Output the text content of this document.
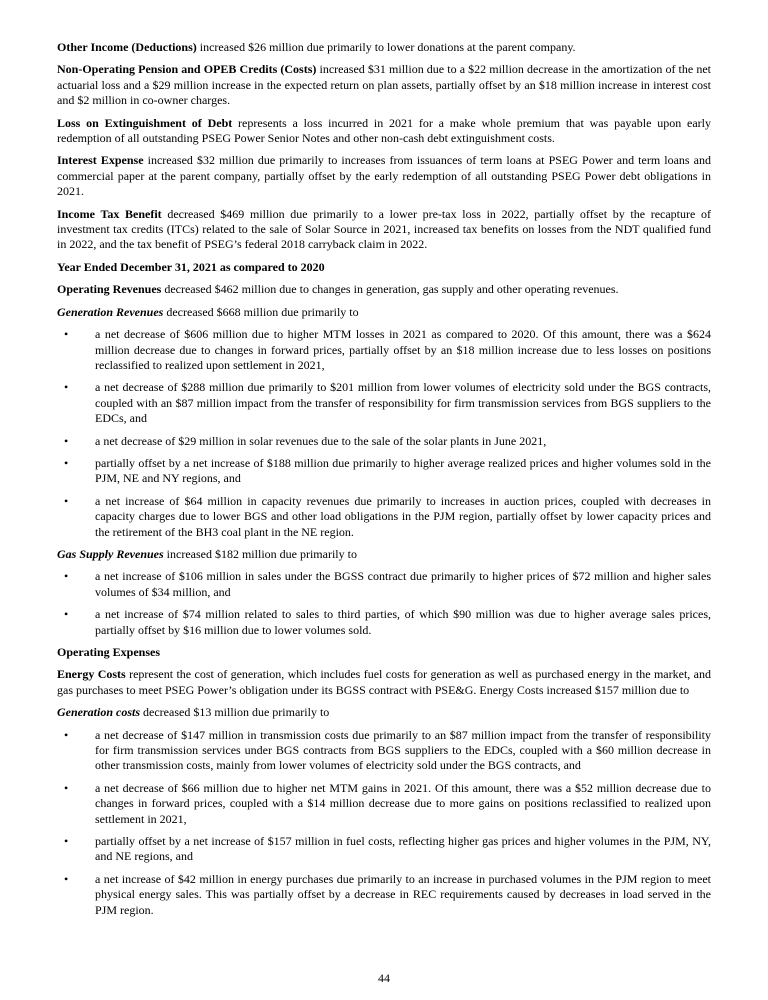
Other Income (Deductions) increased $26 million due primarily to lower donations at the parent company.

Non-Operating Pension and OPEB Credits (Costs) increased $31 million due to a $22 million decrease in the amortization of the net actuarial loss and a $29 million increase in the expected return on plan assets, partially offset by an $18 million increase in interest cost and $2 million in co-owner charges.

Loss on Extinguishment of Debt represents a loss incurred in 2021 for a make whole premium that was payable upon early redemption of all outstanding PSEG Power Senior Notes and other non-cash debt extinguishment costs.

Interest Expense increased $32 million due primarily to increases from issuances of term loans at PSEG Power and term loans and commercial paper at the parent company, partially offset by the early redemption of all outstanding PSEG Power debt obligations in 2021.

Income Tax Benefit decreased $469 million due primarily to a lower pre-tax loss in 2022, partially offset by the recapture of investment tax credits (ITCs) related to the sale of Solar Source in 2021, increased tax benefits on losses from the NDT qualified fund in 2022, and the tax benefit of PSEG’s federal 2018 carryback claim in 2022.

Year Ended December 31, 2021 as compared to 2020

Operating Revenues decreased $462 million due to changes in generation, gas supply and other operating revenues.

Generation Revenues decreased $668 million due primarily to

•	a net decrease of $606 million due to higher MTM losses in 2021 as compared to 2020. Of this amount, there was a $624 million decrease due to changes in forward prices, partially offset by an $18 million increase due to less losses on positions reclassified to realized upon settlement in 2021,
•	a net decrease of $288 million due primarily to $201 million from lower volumes of electricity sold under the BGS contracts, coupled with an $87 million impact from the transfer of responsibility for firm transmission services from BGS suppliers to the EDCs, and
•	a net decrease of $29 million in solar revenues due to the sale of the solar plants in June 2021,
•	partially offset by a net increase of $188 million due primarily to higher average realized prices and higher volumes sold in the PJM, NE and NY regions, and
•	a net increase of $64 million in capacity revenues due primarily to increases in auction prices, coupled with decreases in capacity charges due to lower BGS and other load obligations in the PJM region, partially offset by lower capacity prices and the retirement of the BH3 coal plant in the NE region.

Gas Supply Revenues increased $182 million due primarily to

•	a net increase of $106 million in sales under the BGSS contract due primarily to higher prices of $72 million and higher sales volumes of $34 million, and
•	a net increase of $74 million related to sales to third parties, of which $90 million was due to higher average sales prices, partially offset by $16 million due to lower volumes sold.
Operating Expenses

Energy Costs represent the cost of generation, which includes fuel costs for generation as well as purchased energy in the market, and gas purchases to meet PSEG Power’s obligation under its BGSS contract with PSE&G. Energy Costs increased $157 million due to

Generation costs decreased $13 million due primarily to

•	a net decrease of $147 million in transmission costs due primarily to an $87 million impact from the transfer of responsibility for firm transmission services under BGS contracts from BGS suppliers to the EDCs, coupled with a $60 million decrease in other transmission costs, mainly from lower volumes of electricity sold under the BGS contracts, and
•	a net decrease of $66 million due to higher net MTM gains in 2021. Of this amount, there was a $52 million decrease due to changes in forward prices, coupled with a $14 million decrease due to more gains on positions reclassified to realized upon settlement in 2021,
•	partially offset by a net increase of $157 million in fuel costs, reflecting higher gas prices and higher volumes in the PJM, NY, and NE regions, and
•	a net increase of $42 million in energy purchases due primarily to an increase in purchased volumes in the PJM region to meet physical energy sales. This was partially offset by a decrease in REC requirements caused by decreases in load served in the PJM region.
44
